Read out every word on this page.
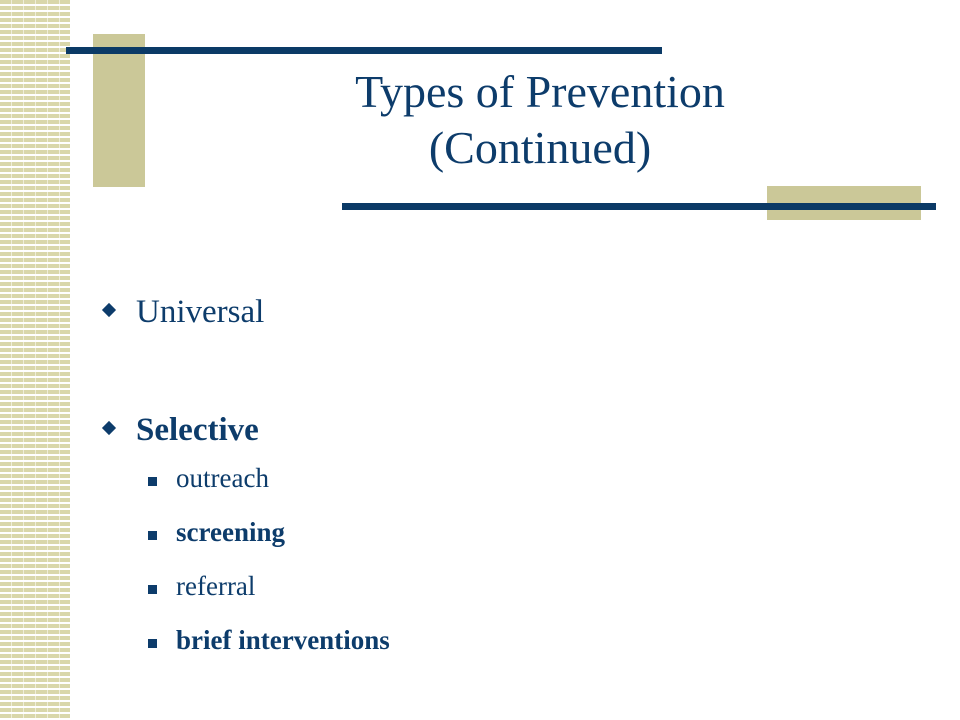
Types of Prevention
(Continued)
Universal
Selective
outreach
screening
referral
brief interventions
